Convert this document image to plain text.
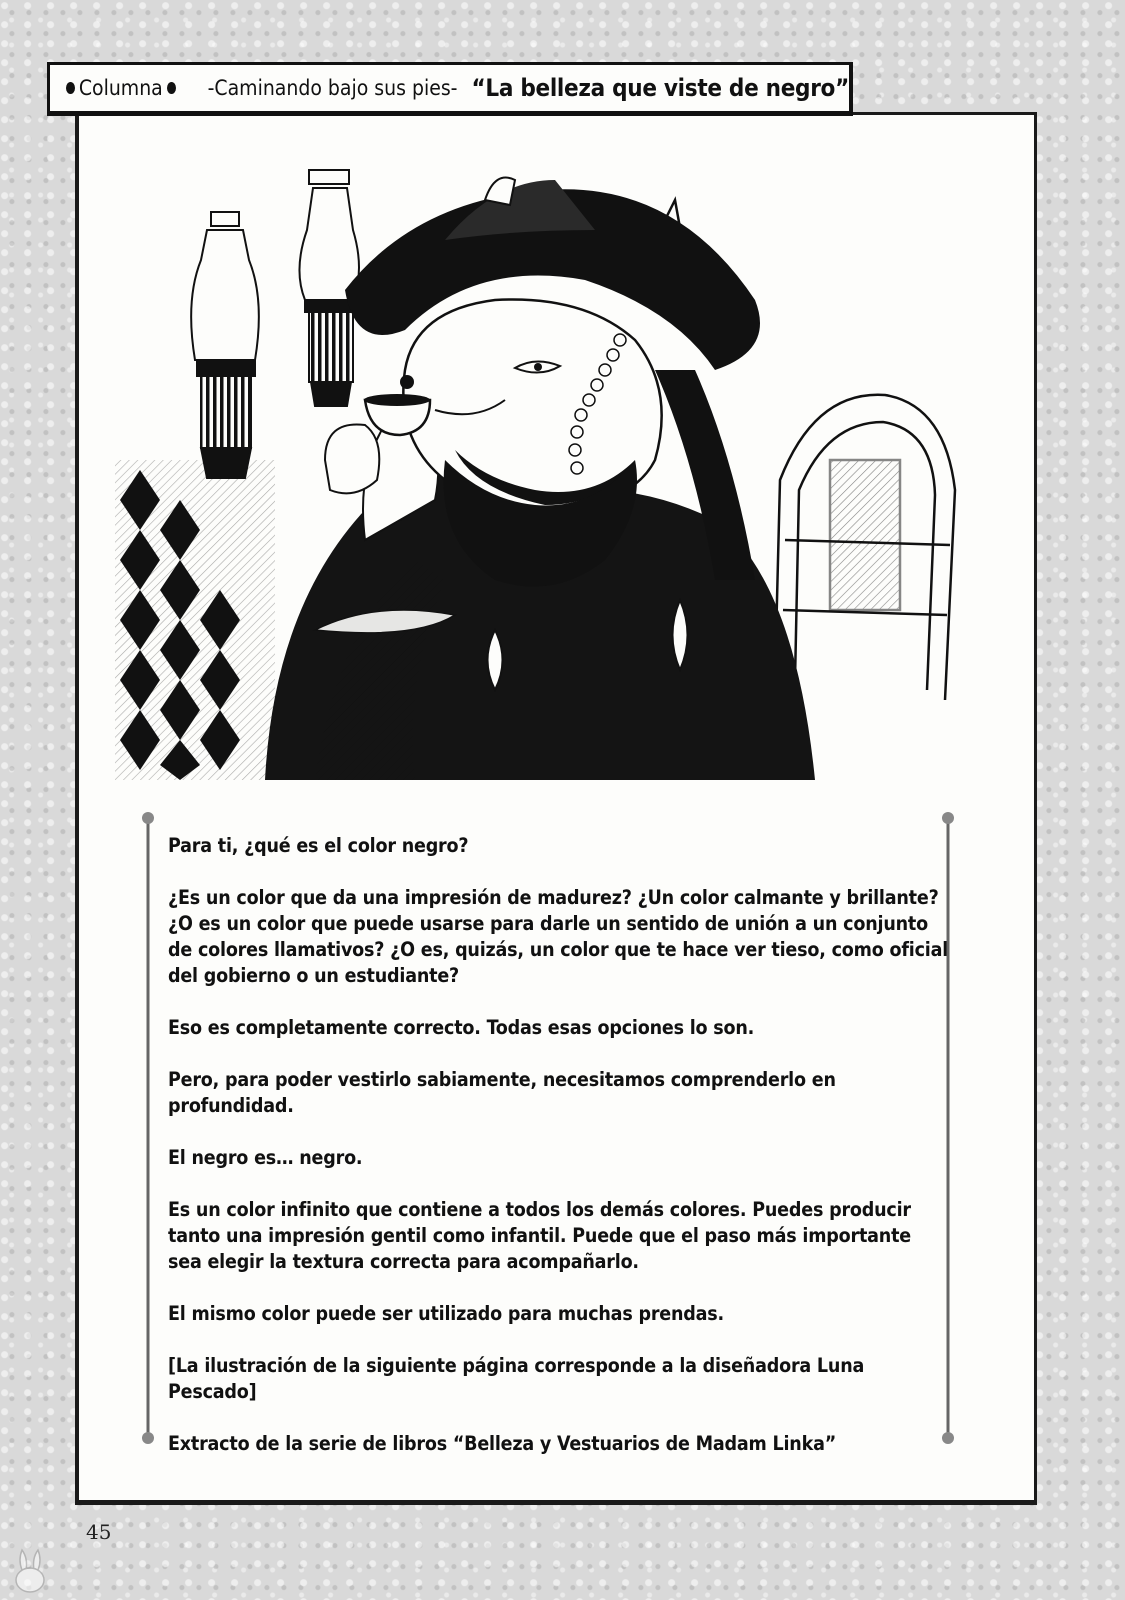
Columna -Caminando bajo sus pies- “La belleza que viste de negro”

Para ti, ¿qué es el color negro?

¿Es un color que da una impresión de madurez? ¿Un color calmante y brillante? ¿O es un color que puede usarse para darle un sentido de unión a un conjunto de colores llamativos? ¿O es, quizás, un color que te hace ver tieso, como oficial del gobierno o un estudiante?

Eso es completamente correcto. Todas esas opciones lo son.

Pero, para poder vestirlo sabiamente, necesitamos comprenderlo en profundidad.

El negro es… negro.

Es un color infinito que contiene a todos los demás colores. Puedes producir tanto una impresión gentil como infantil. Puede que el paso más importante sea elegir la textura correcta para acompañarlo.

El mismo color puede ser utilizado para muchas prendas.

[La ilustración de la siguiente página corresponde a la diseñadora Luna Pescado]

Extracto de la serie de libros “Belleza y Vestuarios de Madam Linka”

45
